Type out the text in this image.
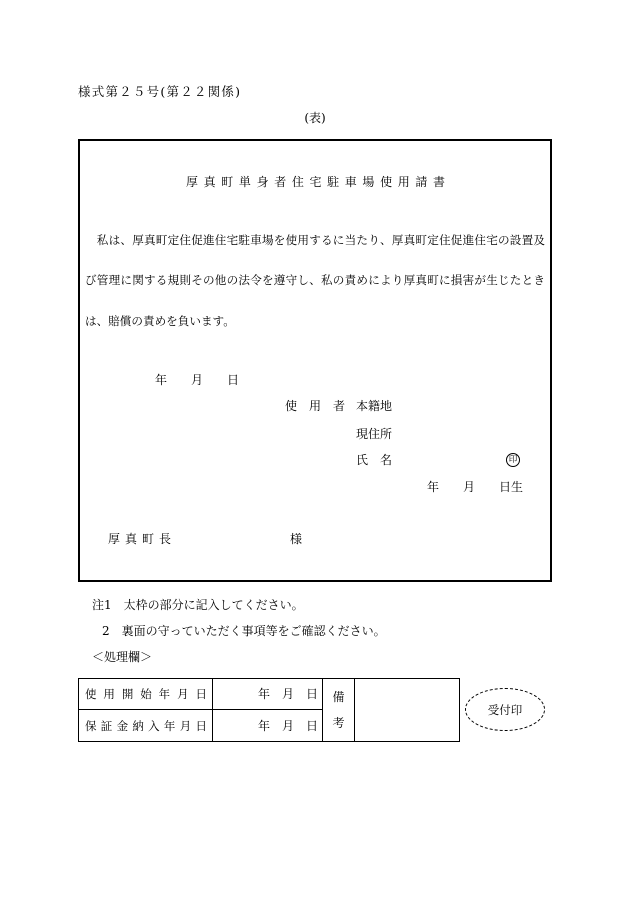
様式第２５号(第２２関係)
(表)
厚 真 町 単 身 者 住 宅 駐 車 場 使 用 請 書
　私は、厚真町定住促進住宅駐車場を使用するに当たり、厚真町定住促進住宅の設置及
び管理に関する規則その他の法令を遵守し、私の責めにより厚真町に損害が生じたとき
は、賠償の責めを負います。
年　　月　　日
使　用　者 本籍地
現住所
氏　名	印
年　　月　　日生
厚 真 町 長	様
注1　太枠の部分に記入してください。
2　裏面の守っていただく事項等をご確認ください。
＜処理欄＞
使 用 開 始 年 月 日	年　月　日	備
考	

保 証 金 納 入 年 月 日	年　月　日		
受付印
